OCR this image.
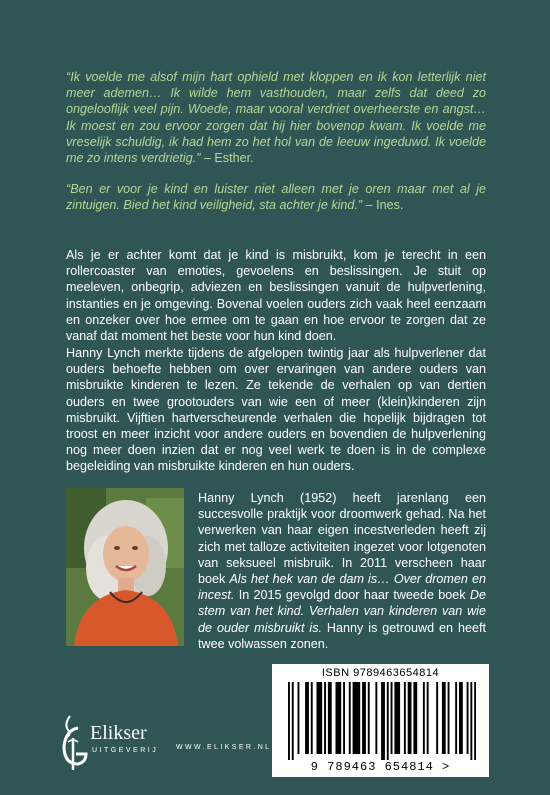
“Ik voelde me alsof mijn hart ophield met kloppen en ik kon letterlijk niet meer ademen… Ik wilde hem vasthouden, maar zelfs dat deed zo ongelooflijk veel pijn. Woede, maar vooral verdriet overheerste en angst… Ik moest en zou ervoor zorgen dat hij hier bovenop kwam. Ik voelde me vreselijk schuldig, ik had hem zo het hol van de leeuw ingeduwd. Ik voelde me zo intens verdrietig.” – Esther.

“Ben er voor je kind en luister niet alleen met je oren maar met al je zintuigen. Bied het kind veiligheid, sta achter je kind.” – Ines.

Als je er achter komt dat je kind is misbruikt, kom je terecht in een rollercoaster van emoties, gevoelens en beslissingen. Je stuit op meeleven, onbegrip, adviezen en beslissingen vanuit de hulpverlening, instanties en je omgeving. Bovenal voelen ouders zich vaak heel eenzaam en onzeker over hoe ermee om te gaan en hoe ervoor te zorgen dat ze vanaf dat moment het beste voor hun kind doen.

Hanny Lynch merkte tijdens de afgelopen twintig jaar als hulpverlener dat ouders behoefte hebben om over ervaringen van andere ouders van misbruikte kinderen te lezen. Ze tekende de verhalen op van dertien ouders en twee grootouders van wie een of meer (klein)kinderen zijn misbruikt. Vijftien hartverscheurende verhalen die hopelijk bijdragen tot troost en meer inzicht voor andere ouders en bovendien de hulpverlening nog meer doen inzien dat er nog veel werk te doen is in de complexe begeleiding van misbruikte kinderen en hun ouders.

Hanny Lynch (1952) heeft jarenlang een succesvolle praktijk voor droomwerk gehad. Na het verwerken van haar eigen incestverleden heeft zij zich met talloze activiteiten ingezet voor lotgenoten van seksueel misbruik. In 2011 verscheen haar boek Als het hek van de dam is… Over dromen en incest. In 2015 gevolgd door haar tweede boek De stem van het kind. Verhalen van kinderen van wie de ouder misbruikt is. Hanny is getrouwd en heeft twee volwassen zonen.

ISBN 9789463654814
9 789463 654814 >
Elikser
UITGEVERIJ	WWW.ELIKSER.NL
